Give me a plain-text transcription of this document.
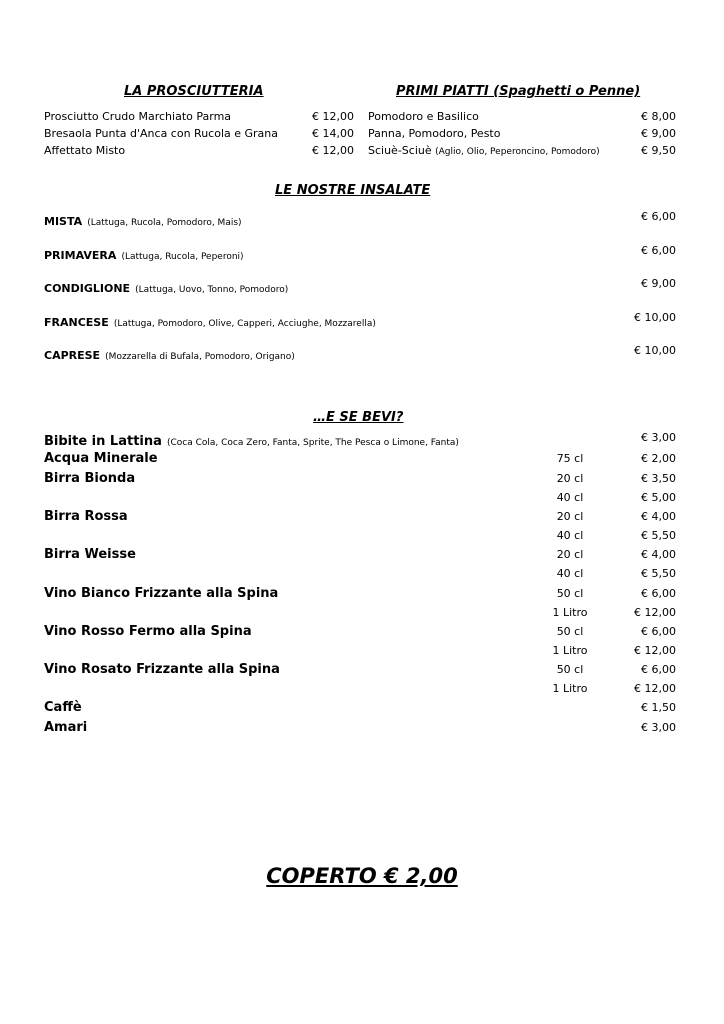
LA PROSCIUTTERIA	PRIMI PIATTI (Spaghetti o Penne)
Prosciutto Crudo Marchiato Parma	€ 12,00
Bresaola Punta d'Anca con Rucola e Grana	€ 14,00
Affettato Misto	€ 12,00
Pomodoro e Basilico	€ 8,00
Panna, Pomodoro, Pesto	€ 9,00
Sciuè-Sciuè (Aglio, Olio, Peperoncino, Pomodoro)	€ 9,50
LE NOSTRE INSALATE
MISTA (Lattuga, Rucola, Pomodoro, Mais)	€ 6,00
PRIMAVERA (Lattuga, Rucola, Peperoni)	€ 6,00
CONDIGLIONE (Lattuga, Uovo, Tonno, Pomodoro)	€ 9,00
FRANCESE (Lattuga, Pomodoro, Olive, Capperi, Acciughe, Mozzarella)	€ 10,00
CAPRESE (Mozzarella di Bufala, Pomodoro, Origano)	€ 10,00
…E SE BEVI?
Bibite in Lattina (Coca Cola, Coca Zero, Fanta, Sprite, The Pesca o Limone, Fanta)	€ 3,00
Acqua Minerale	75 cl	€ 2,00
Birra Bionda	20 cl	€ 3,50
40 cl	€ 5,00
Birra Rossa	20 cl	€ 4,00
40 cl	€ 5,50
Birra Weisse	20 cl	€ 4,00
40 cl	€ 5,50
Vino Bianco Frizzante alla Spina	50 cl	€ 6,00
1 Litro	€ 12,00
Vino Rosso Fermo alla Spina	50 cl	€ 6,00
1 Litro	€ 12,00
Vino Rosato Frizzante alla Spina	50 cl	€ 6,00
1 Litro	€ 12,00
Caffè	€ 1,50
Amari	€ 3,00
COPERTO € 2,00
